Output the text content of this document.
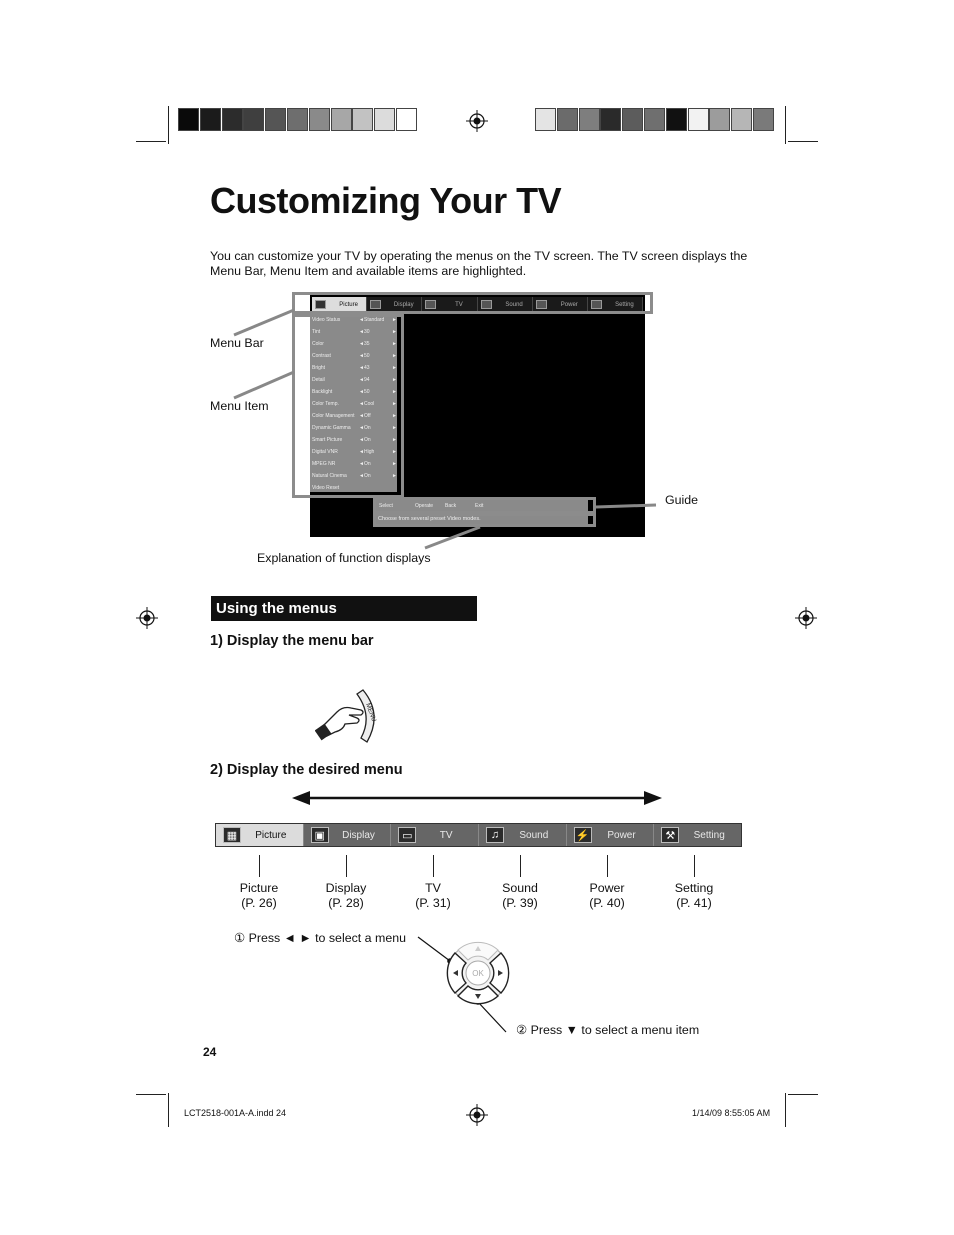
Customizing Your TV
You can customize your TV by operating the menus on the TV screen. The TV screen displays the Menu Bar, Menu Item and available items are highlighted.
Picture	Display	TV	Sound	Power	Setting
Video Status	◄ Standard ►
Tint	◄ 30	►
Color	◄ 35	►
Contrast	◄ 50	►
Bright	◄ 43	►
Detail	◄ 94	►
Backlight	◄ 50	►
Color Temp.	◄ Cool	►
Color Management ◄ Off	►
Dynamic Gamma ◄ On	►
Smart Picture	◄ On	►
Digital VNR	◄ High	►
MPEG NR	◄ On	►
Natural Cinema ◄ On	►
Video Reset
Select	Operate Back	Exit
Choose from several preset Video modes.
Menu Bar
Menu Item
Guide
Explanation of function displays
Using the menus
1) Display the menu bar
MENU
2) Display the desired menu
▦	Picture	▣	Display	▭	TV	♫	Sound	⚡	Power	⚒	Setting
Picture
(P. 26)
Display
(P. 28)
TV
(P. 31)
Sound
(P. 39)
Power
(P. 40)
Setting
(P. 41)
① Press ◄ ► to select a menu
② Press ▼ to select a menu item
OK
24
LCT2518-001A-A.indd 24	1/14/09 8:55:05 AM
